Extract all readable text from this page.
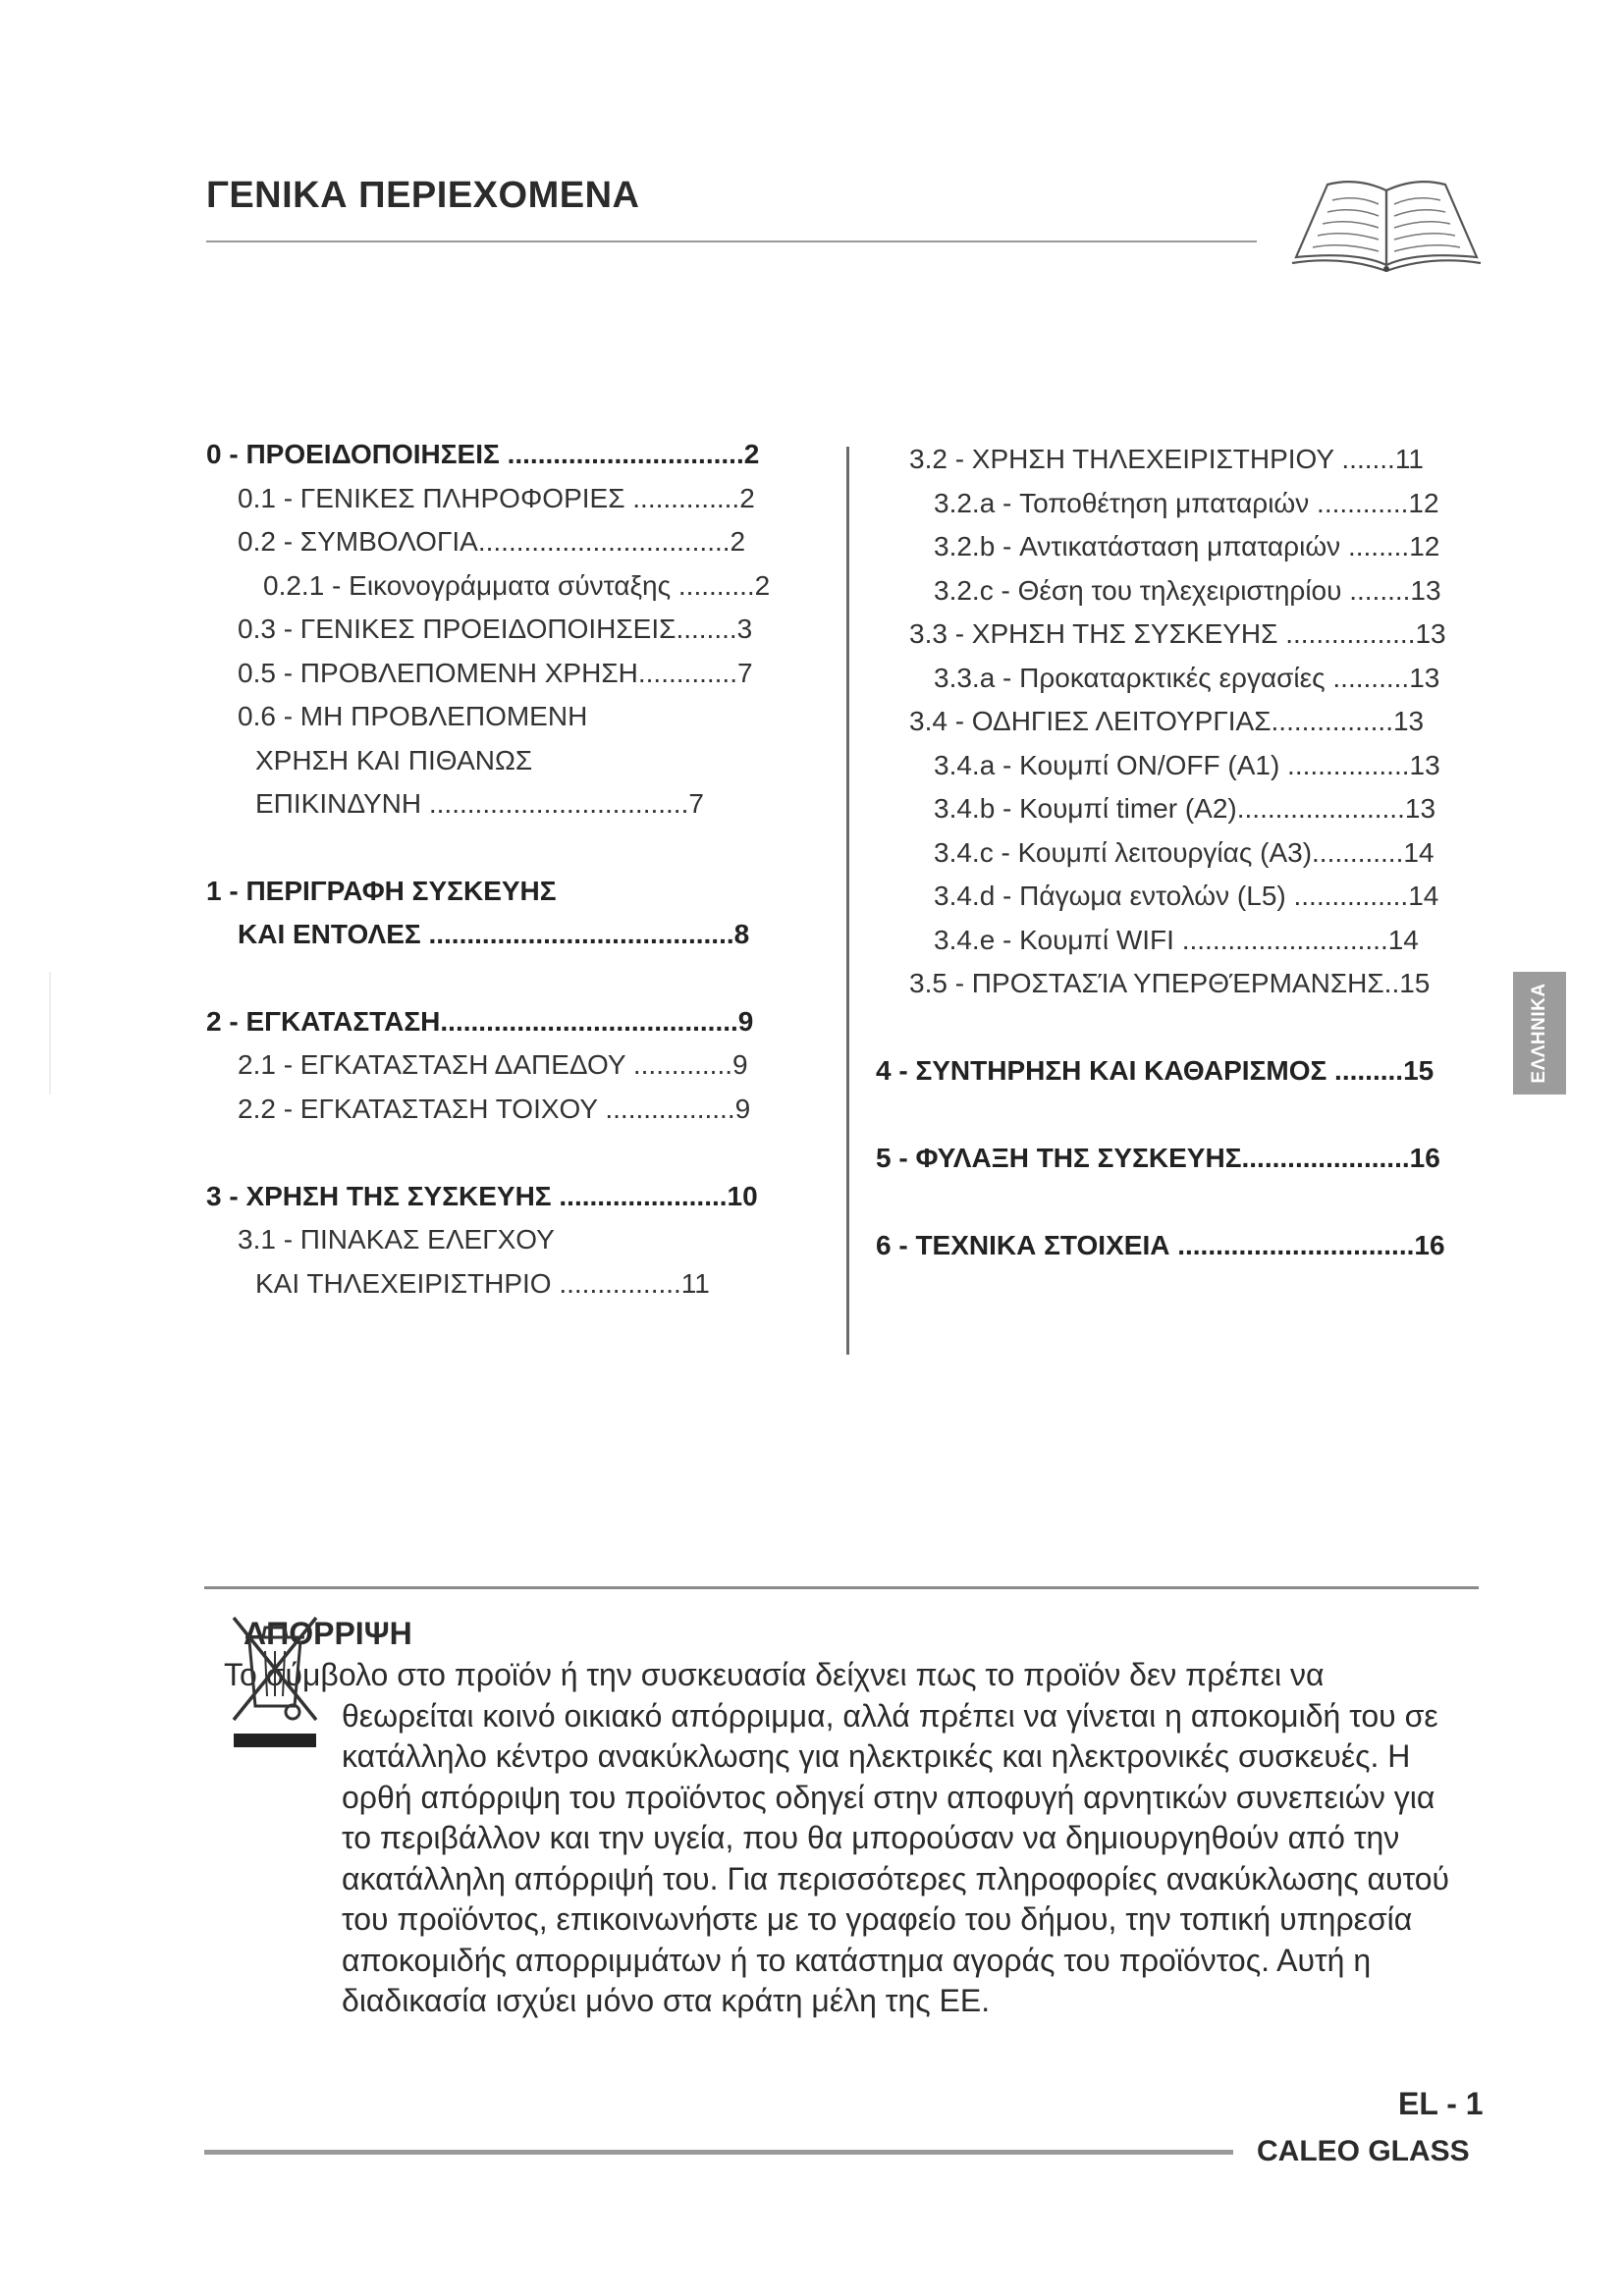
ΓΕΝΙΚΑ ΠΕΡΙΕΧΟΜΕΝΑ
0 - ΠΡΟΕΙΔΟΠΟΙΗΣΕΙΣ ...............................2
0.1 - ΓΕΝΙΚΕΣ ΠΛΗΡΟΦΟΡΙΕΣ ..............2
0.2 - ΣΥΜΒΟΛΟΓΙΑ.................................2
0.2.1 - Εικονογράμματα σύνταξης ..........2
0.3 - ΓΕΝΙΚΕΣ ΠΡΟΕΙΔΟΠΟΙΗΣΕΙΣ........3
0.5 - ΠΡΟΒΛΕΠΟΜΕΝΗ ΧΡΗΣΗ.............7
0.6 - ΜΗ ΠΡΟΒΛΕΠΟΜΕΝΗ
ΧΡΗΣΗ ΚΑΙ ΠΙΘΑΝΩΣ
ΕΠΙΚΙΝΔΥΝΗ ..................................7
1 - ΠΕΡΙΓΡΑΦΗ ΣΥΣΚΕΥΗΣ
ΚΑΙ ΕΝΤΟΛΕΣ ........................................8
2 - ΕΓΚΑΤΑΣΤΑΣΗ.......................................9
2.1 - ΕΓΚΑΤΑΣΤΑΣΗ ΔΑΠΕΔΟΥ .............9
2.2 - ΕΓΚΑΤΑΣΤΑΣΗ ΤΟΙΧΟΥ .................9
3 - ΧΡΗΣΗ ΤΗΣ ΣΥΣΚΕΥΗΣ ......................10
3.1 - ΠΙΝΑΚΑΣ ΕΛΕΓΧΟΥ
ΚΑΙ ΤΗΛΕΧΕΙΡΙΣΤΗΡΙΟ ................11
3.2 - ΧΡΗΣΗ ΤΗΛΕΧΕΙΡΙΣΤΗΡΙΟΥ .......11
3.2.a - Τοποθέτηση μπαταριών ............12
3.2.b - Αντικατάσταση μπαταριών ........12
3.2.c - Θέση του τηλεχειριστηρίου ........13
3.3 - ΧΡΗΣΗ ΤΗΣ ΣΥΣΚΕΥΗΣ .................13
3.3.a - Προκαταρκτικές εργασίες ..........13
3.4 - ΟΔΗΓΙΕΣ ΛΕΙΤΟΥΡΓΙΑΣ................13
3.4.a - Κουμπί ON/OFF (A1) ................13
3.4.b - Κουμπί timer (A2)......................13
3.4.c - Κουμπί λειτουργίας (A3)............14
3.4.d - Πάγωμα εντολών (L5) ...............14
3.4.e - Κουμπί WIFI ...........................14
3.5 - ΠΡΟΣΤΑΣΊΑ ΥΠΕΡΘΈΡΜΑΝΣΗΣ..15
4 - ΣΥΝΤΗΡΗΣΗ ΚΑΙ ΚΑΘΑΡΙΣΜΟΣ .........15
5 - ΦΥΛΑΞΗ ΤΗΣ ΣΥΣΚΕΥΗΣ......................16
6 - ΤΕΧΝΙΚΑ ΣΤΟΙΧΕΙΑ ...............................16
ΕΛΛΗΝΙΚΑ
ΑΠΟΡΡΙΨΗ
Το σύμβολο στο προϊόν ή την συσκευασία δείχνει πως το προϊόν δεν πρέπει να
θεωρείται κοινό οικιακό απόρριμμα, αλλά πρέπει να γίνεται η αποκομιδή του σε
κατάλληλο κέντρο ανακύκλωσης για ηλεκτρικές και ηλεκτρονικές συσκευές. Η
ορθή απόρριψη του προϊόντος οδηγεί στην αποφυγή αρνητικών συνεπειών για
το περιβάλλον και την υγεία, που θα μπορούσαν να δημιουργηθούν από την
ακατάλληλη απόρριψή του. Για περισσότερες πληροφορίες ανακύκλωσης αυτού
του προϊόντος, επικοινωνήστε με το γραφείο του δήμου, την τοπική υπηρεσία
αποκομιδής απορριμμάτων ή το κατάστημα αγοράς του προϊόντος. Αυτή η
διαδικασία ισχύει μόνο στα κράτη μέλη της ΕΕ.
EL - 1
CALEO GLASS
